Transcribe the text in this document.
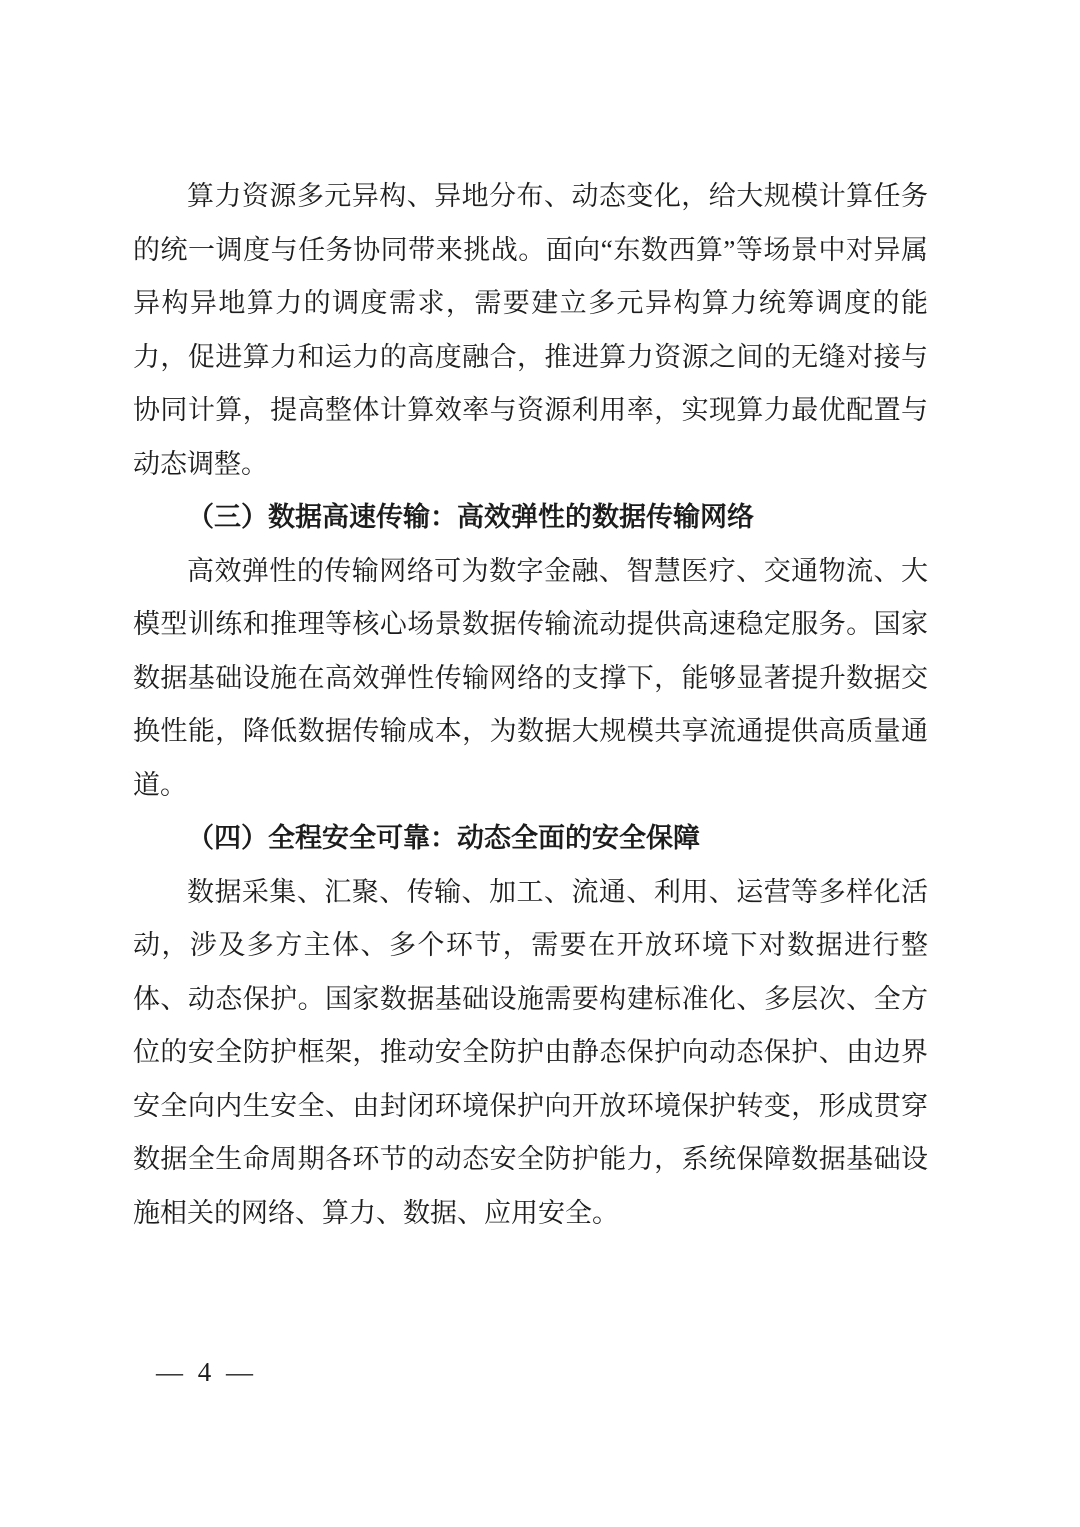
算力资源多元异构、异地分布、动态变化，给大规模计算任务的统一调度与任务协同带来挑战。面向“东数西算”等场景中对异属异构异地算力的调度需求，需要建立多元异构算力统筹调度的能力，促进算力和运力的高度融合，推进算力资源之间的无缝对接与协同计算，提高整体计算效率与资源利用率，实现算力最优配置与动态调整。

（三）数据高速传输：高效弹性的数据传输网络

高效弹性的传输网络可为数字金融、智慧医疗、交通物流、大模型训练和推理等核心场景数据传输流动提供高速稳定服务。国家数据基础设施在高效弹性传输网络的支撑下，能够显著提升数据交换性能，降低数据传输成本，为数据大规模共享流通提供高质量通道。

（四）全程安全可靠：动态全面的安全保障

数据采集、汇聚、传输、加工、流通、利用、运营等多样化活动，涉及多方主体、多个环节，需要在开放环境下对数据进行整体、动态保护。国家数据基础设施需要构建标准化、多层次、全方位的安全防护框架，推动安全防护由静态保护向动态保护、由边界安全向内生安全、由封闭环境保护向开放环境保护转变，形成贯穿数据全生命周期各环节的动态安全防护能力，系统保障数据基础设施相关的网络、算力、数据、应用安全。

— 4 —
